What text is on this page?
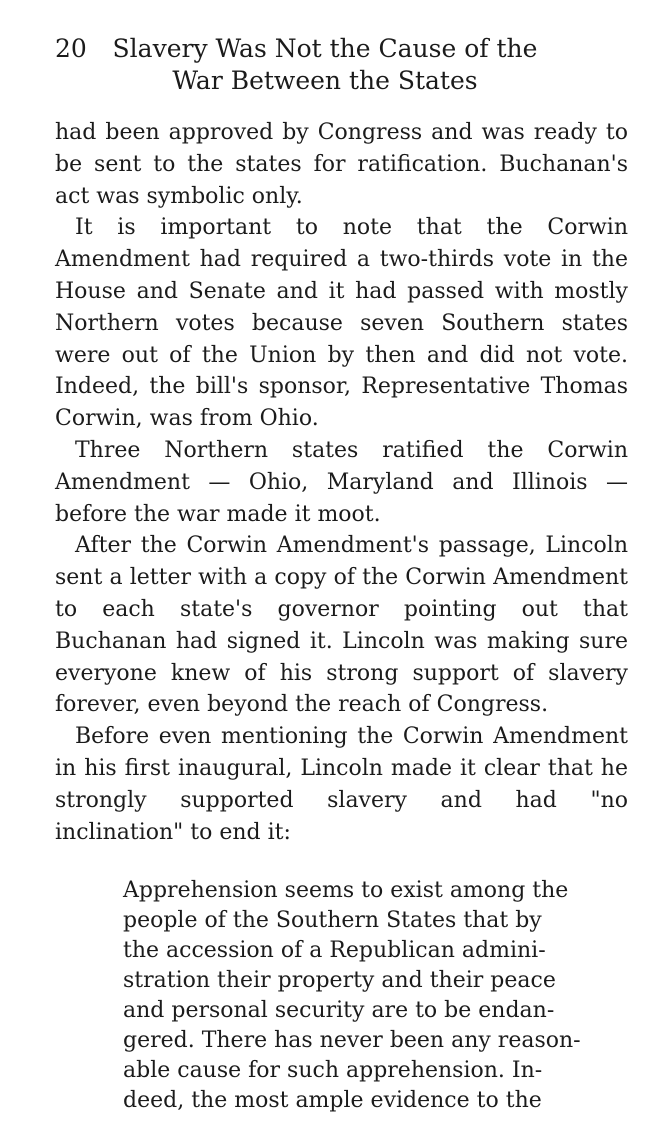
20	Slavery Was Not the Cause of the
War Between the States

had been approved by Congress and was ready to be sent to the states for ratification. Buchanan's act was symbolic only.

It is important to note that the Corwin Amendment had required a two-thirds vote in the House and Senate and it had passed with mostly Northern votes because seven Southern states were out of the Union by then and did not vote. Indeed, the bill's sponsor, Representative Thomas Corwin, was from Ohio.

Three Northern states ratified the Corwin Amendment — Ohio, Maryland and Illinois — before the war made it moot.

After the Corwin Amendment's passage, Lincoln sent a letter with a copy of the Corwin Amendment to each state's governor pointing out that Buchanan had signed it. Lincoln was making sure everyone knew of his strong support of slavery forever, even beyond the reach of Congress.

Before even mentioning the Corwin Amendment in his first inaugural, Lincoln made it clear that he strongly supported slavery and had "no inclination" to end it:

Apprehension seems to exist among the
people of the Southern States that by
the accession of a Republican admini-
stration their property and their peace
and personal security are to be endan-
gered. There has never been any reason-
able cause for such apprehension. In-
deed, the most ample evidence to the
